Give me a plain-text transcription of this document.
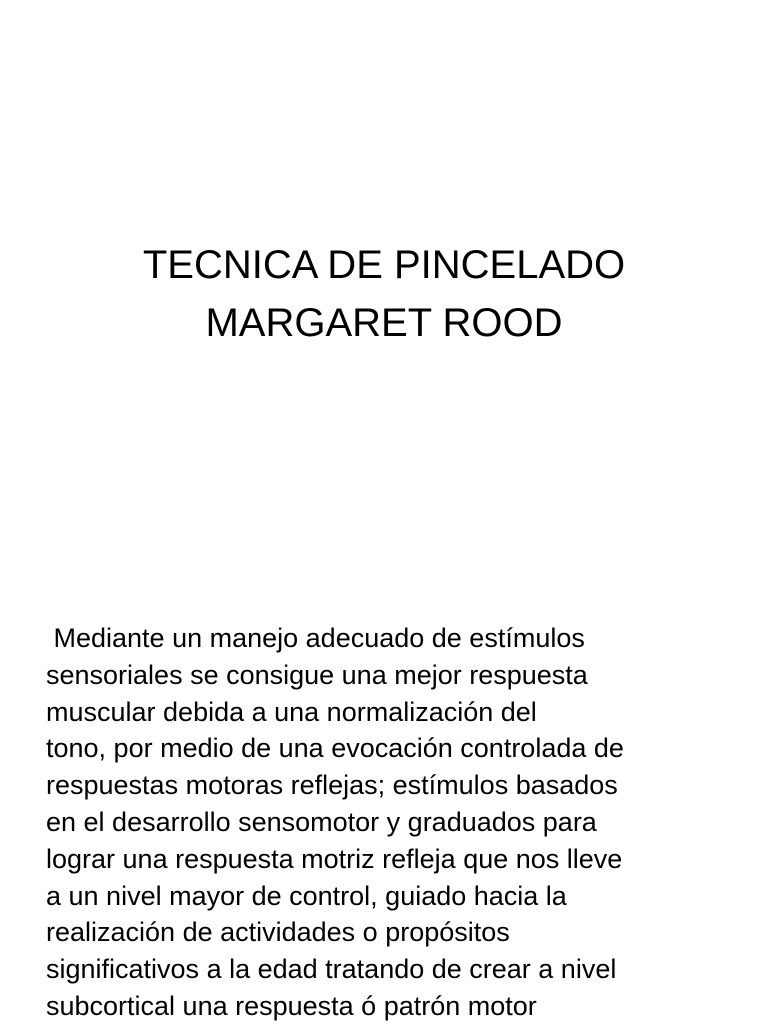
TECNICA DE PINCELADO
MARGARET ROOD
Mediante un manejo adecuado de estímulos
sensoriales se consigue una mejor respuesta
muscular debida a una normalización del
tono, por medio de una evocación controlada de
respuestas motoras reflejas; estímulos basados
en el desarrollo sensomotor y graduados para
lograr una respuesta motriz refleja que nos lleve
a un nivel mayor de control, guiado hacia la
realización de actividades o propósitos
significativos a la edad tratando de crear a nivel
subcortical una respuesta ó patrón motor
